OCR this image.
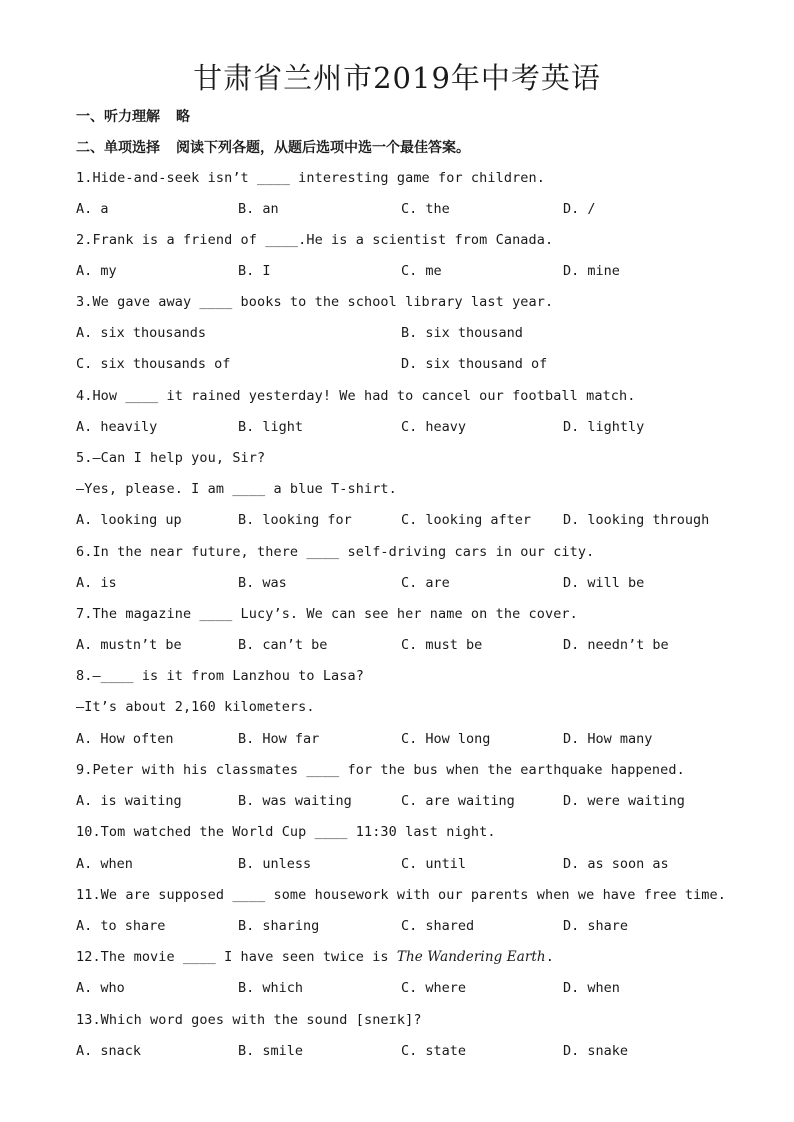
甘肃省兰州市2019年中考英语
一、听力理解 略
二、单项选择 阅读下列各题，从题后选项中选一个最佳答案。
1.Hide-and-seek isn’t ____ interesting game for children.
A. a	B. an	C. the	D. /
2.Frank is a friend of ____.He is a scientist from Canada.
A. my	B. I	C. me	D. mine
3.We gave away ____ books to the school library last year.
A. six thousands	B. six thousand
C. six thousands of	D. six thousand of
4.How ____ it rained yesterday! We had to cancel our football match.
A. heavily	B. light	C. heavy	D. lightly
5.—Can I help you, Sir?
—Yes, please. I am ____ a blue T-shirt.
A. looking up	B. looking for	C. looking after D. looking through
6.In the near future, there ____ self-driving cars in our city.
A. is	B. was	C. are	D. will be
7.The magazine ____ Lucy’s. We can see her name on the cover.
A. mustn’t be	B. can’t be	C. must be	D. needn’t be
8.—____ is it from Lanzhou to Lasa?
—It’s about 2,160 kilometers.
A. How often	B. How far	C. How long	D. How many
9.Peter with his classmates ____ for the bus when the earthquake happened.
A. is waiting	B. was waiting	C. are waiting	D. were waiting
10.Tom watched the World Cup ____ 11:30 last night.
A. when	B. unless	C. until	D. as soon as
11.We are supposed ____ some housework with our parents when we have free time.
A. to share	B. sharing	C. shared	D. share
12.The movie ____ I have seen twice is The Wandering Earth.
A. who	B. which	C. where	D. when
13.Which word goes with the sound [sneɪk]?
A. snack	B. smile	C. state	D. snake
